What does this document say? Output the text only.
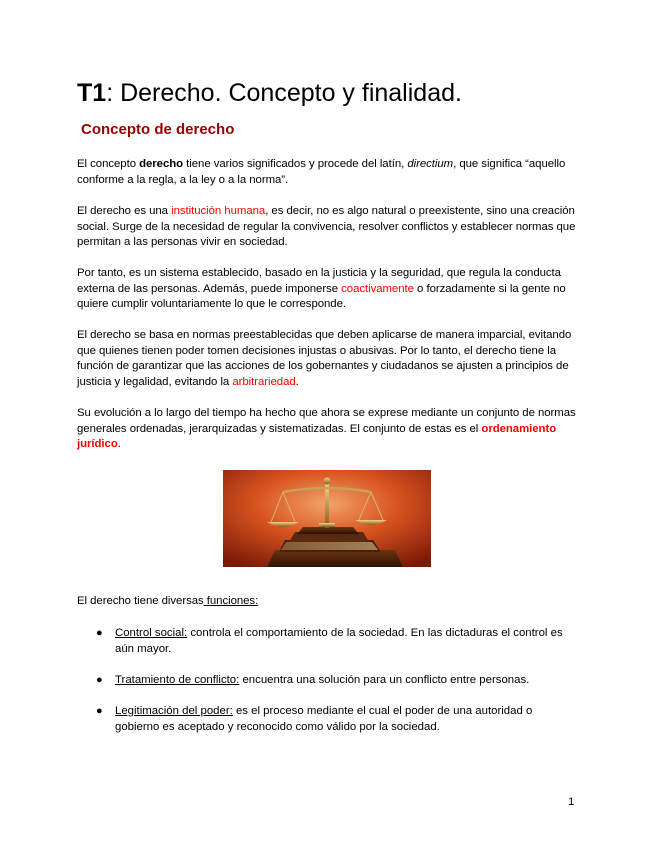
T1: Derecho. Concepto y finalidad.
Concepto de derecho
El concepto derecho tiene varios significados y procede del latín, directium, que significa “aquello conforme a la regla, a la ley o a la norma”.
El derecho es una institución humana, es decir, no es algo natural o preexistente, sino una creación social. Surge de la necesidad de regular la convivencia, resolver conflictos y establecer normas que permitan a las personas vivir en sociedad.
Por tanto, es un sistema establecido, basado en la justicia y la seguridad, que regula la conducta externa de las personas. Además, puede imponerse coactivamente o forzadamente si la gente no quiere cumplir voluntariamente lo que le corresponde.
El derecho se basa en normas preestablecidas que deben aplicarse de manera imparcial, evitando que quienes tienen poder tomen decisiones injustas o abusivas. Por lo tanto, el derecho tiene la función de garantizar que las acciones de los gobernantes y ciudadanos se ajusten a principios de justicia y legalidad, evitando la arbitrariedad.
Su evolución a lo largo del tiempo ha hecho que ahora se exprese mediante un conjunto de normas generales ordenadas, jerarquizadas y sistematizadas. El conjunto de estas es el ordenamiento jurídico.
El derecho tiene diversas funciones:
●	Control social: controla el comportamiento de la sociedad. En las dictaduras el control es aún mayor.
●	Tratamiento de conflicto: encuentra una solución para un conflicto entre personas.
●	Legitimación del poder: es el proceso mediante el cual el poder de una autoridad o gobierno es aceptado y reconocido como válido por la sociedad.
1
